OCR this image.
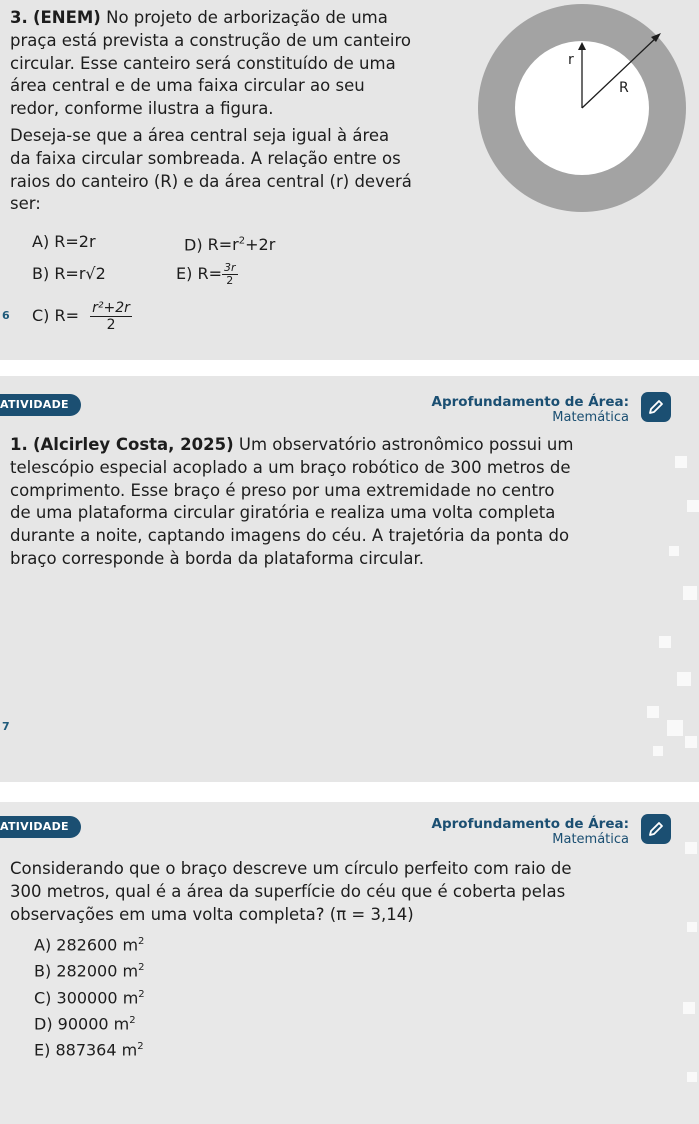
3. (ENEM) No projeto de arborização de uma
praça está prevista a construção de um canteiro
circular. Esse canteiro será constituído de uma
área central e de uma faixa circular ao seu
redor, conforme ilustra a figura.
Deseja-se que a área central seja igual à área
da faixa circular sombreada. A relação entre os
raios do canteiro (R) e da área central (r) deverá
ser:
r
R
A) R=2r	D) $R=r^2+2r$
B) R=r√2	E) $R= \frac{3r}{2}$
C) $R= \frac{\text{r²+2r}}{2}$
6
ATIVIDADE	Aprofundamento de Área:
Matemática
1. (Alcirley Costa, 2025) Um observatório astronômico possui um
telescópio especial acoplado a um braço robótico de 300 metros de
comprimento. Esse braço é preso por uma extremidade no centro
de uma plataforma circular giratória e realiza uma volta completa
durante a noite, captando imagens do céu. A trajetória da ponta do
braço corresponde à borda da plataforma circular.
7
ATIVIDADE	Aprofundamento de Área:
Matemática
Considerando que o braço descreve um círculo perfeito com raio de
300 metros, qual é a área da superfície do céu que é coberta pelas
observações em uma volta completa? (π = 3,14)
A) 282600 $m^2$
B) 282000 $m^2$
C) 300000 $m^2$
D) 90000 $m^2$
E) 887364 $m^2$
